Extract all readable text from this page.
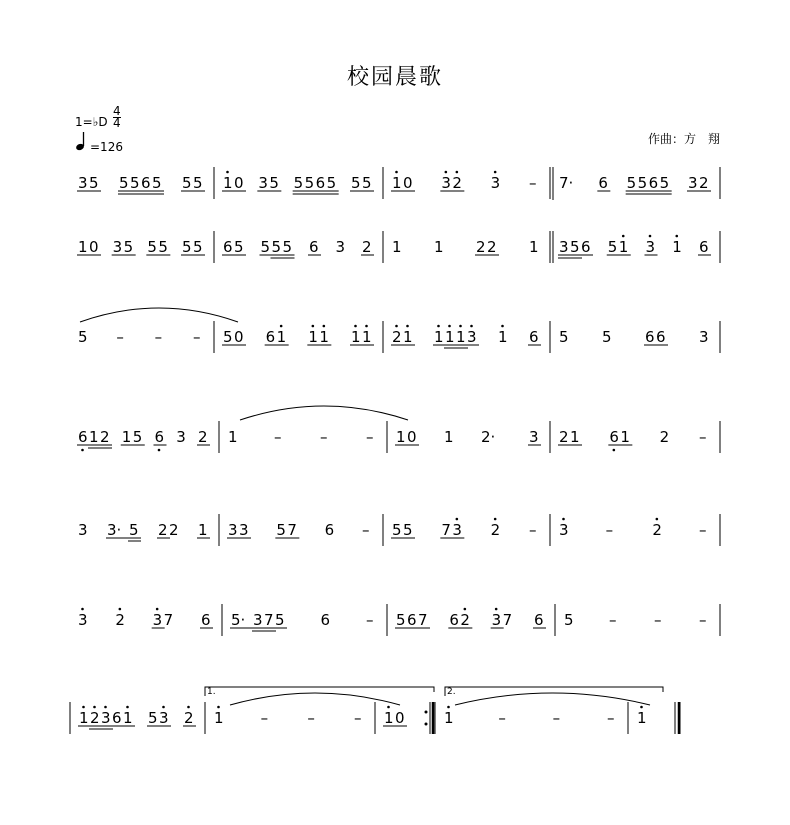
校园晨歌
1=♭D
4
4
=126
作曲：方　翔
3 5 5 5 6 5 5 5 1 0 3 5 5 5 6 5 5 5 1 0 3 2 3 – 7· 6 5 5 6 5 3 2
1 0 3 5 5 5 5 5 6 5 5 5 5 6 3 2 1 1 2 2 1 3 5 6 5 1 3 1 6
5 – – – 5 0 6 1 1 1 1 1 2 1 1 1 1 3 1 6 5 5 6 6 3
6 1 2 1 5 6 3 2 1 –	–	– 1 0 1 2· 3 2 1 6 1 2 –
3 3· 5 2 2 1 3 3 5 7 6 – 5 5 7 3 2 – 3 –	2 –
3 2 3 7 6 5· 3 7 5 6 – 5 6 7 6 2 3 7 6 5 –	–	–
1 2 3 6 1 5 3 2 1 –	–	– 1 0	1	–	–	– 1
1.	2.
